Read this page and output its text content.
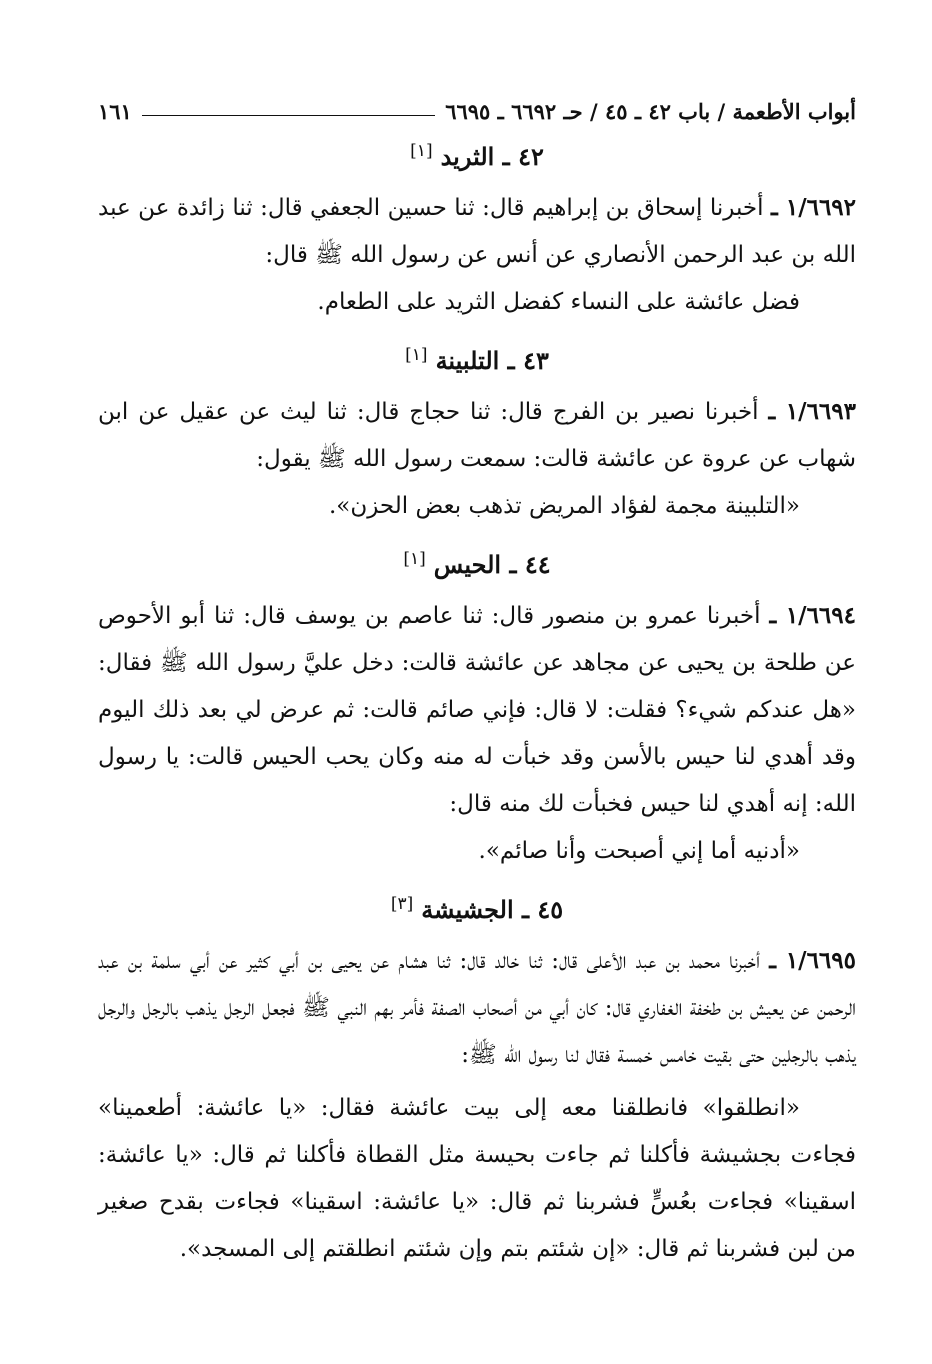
أبواب الأطعمة / باب ٤٢ ـ ٤٥ / حـ ٦٦٩٢ ـ ٦٦٩٥
١٦١
٤٢ ـ الثريد[١]

١/٦٦٩٢ ـ أخبرنا إسحاق بن إبراهيم قال: ثنا حسين الجعفي قال: ثنا زائدة عن عبد الله بن عبد الرحمن الأنصاري عن أنس عن رسول الله ﷺ قال:

فضل عائشة على النساء كفضل الثريد على الطعام.

٤٣ ـ التلبينة[١]

١/٦٦٩٣ ـ أخبرنا نصير بن الفرج قال: ثنا حجاج قال: ثنا ليث عن عقيل عن ابن شهاب عن عروة عن عائشة قالت: سمعت رسول الله ﷺ يقول:

«التلبينة مجمة لفؤاد المريض تذهب بعض الحزن».

٤٤ ـ الحيس[١]

١/٦٦٩٤ ـ أخبرنا عمرو بن منصور قال: ثنا عاصم بن يوسف قال: ثنا أبو الأحوص عن طلحة بن يحيى عن مجاهد عن عائشة قالت: دخل عليَّ رسول الله ﷺ فقال: «هل عندكم شيء؟ فقلت: لا قال: فإني صائم قالت: ثم عرض لي بعد ذلك اليوم وقد أهدي لنا حيس بالأسن وقد خبأت له منه وكان يحب الحيس قالت: يا رسول الله: إنه أهدي لنا حيس فخبأت لك منه قال:

«أدنيه أما إني أصبحت وأنا صائم».

٤٥ ـ الجشيشة[٣]

١/٦٦٩٥ ـ أخبرنا محمد بن عبد الأعلى قال: ثنا خالد قال: ثنا هشام عن يحيى بن أبي كثير عن أبي سلمة بن عبد الرحمن عن يعيش بن طخفة الغفاري قال: كان أبي من أصحاب الصفة فأمر بهم النبي ﷺ فجعل الرجل يذهب بالرجل والرجل يذهب بالرجلين حتى بقيت خامس خمسة فقال لنا رسول الله ﷺ:

«انطلقوا» فانطلقنا معه إلى بيت عائشة فقال: «يا عائشة: أطعمينا» فجاءت بجشيشة فأكلنا ثم جاءت بحيسة مثل القطاة فأكلنا ثم قال: «يا عائشة: اسقينا» فجاءت بعُسٍّ فشربنا ثم قال: «يا عائشة: اسقينا» فجاءت بقدح صغير من لبن فشربنا ثم قال: «إن شئتم بتم وإن شئتم انطلقتم إلى المسجد».
